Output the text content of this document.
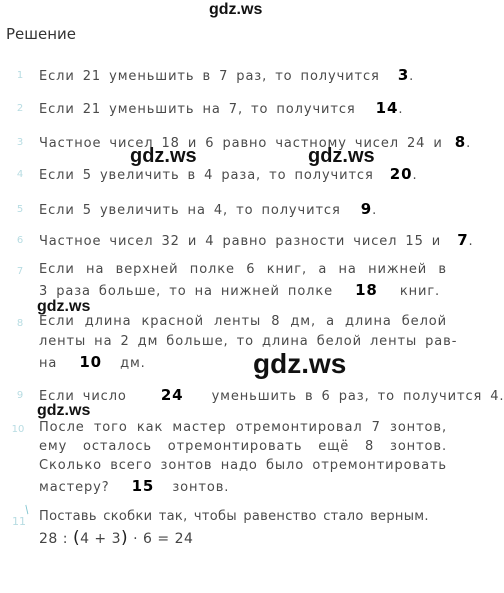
gdz.ws
gdz.ws	gdz.ws
gdz.ws
gdz.ws
gdz.ws
Решение
1 Если 21 уменьшить в 7 раз, то получится 3.
2 Если 21 уменьшить на 7, то получится 14.
3 Частное чисел 18 и 6 равно частному чисел 24 и 8.
4 Если 5 увеличить в 4 раза, то получится 20.
5 Если 5 увеличить на 4, то получится 9.
6 Частное чисел 32 и 4 равно разности чисел 15 и 7.
7 Если на верхней полке 6 книг, а на нижней в
3 раза больше, то на нижней полке 18 книг.
8 Если длина красной ленты 8 дм, а длина белой
ленты на 2 дм больше, то длина белой ленты рав-
на 10 дм.
9 Если число 24 уменьшить в 6 раз, то получится 4.
10 После того как мастер отремонтировал 7 зонтов,
ему осталось отремонтировать ещё 8 зонтов.
Сколько всего зонтов надо было отремонтировать
мастеру? 15 зонтов.
11
/ Поставь скобки так, чтобы равенство стало верным.
28 : (4 + 3) · 6 = 24
